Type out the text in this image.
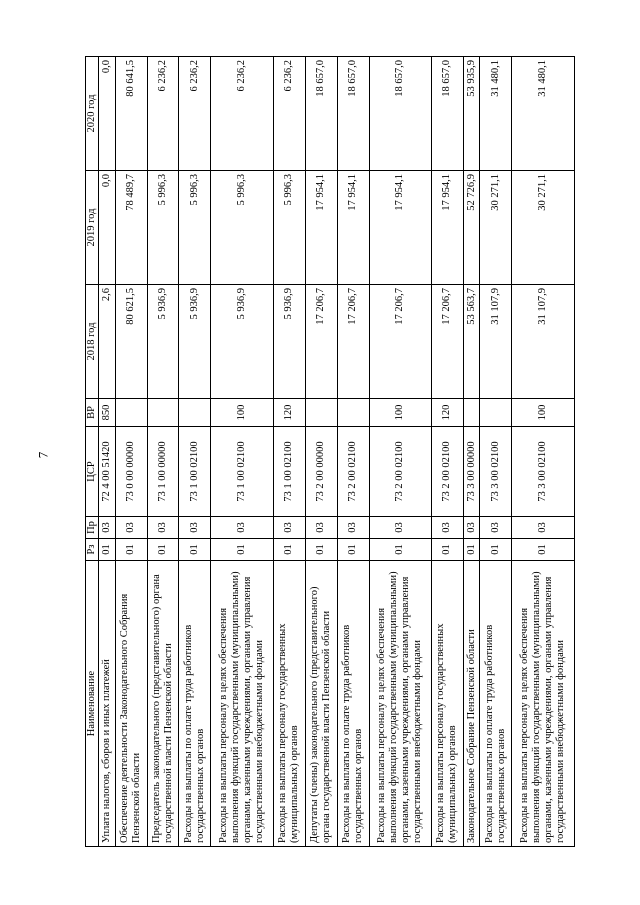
7
Наименование	Рз	Пр	ЦСР	ВР	2018 год	2019 год	2020 год
Уплата налогов, сборов и иных платежей	01	03	72 4 00 51420	850	2,6	0,0	0,0
Обеспечение деятельности Законодательного Собрания Пензенской области	01	03	73 0 00 00000		80 621,5	78 489,7	80 641,5
Председатель законодательного (представительного) органа государственной власти Пензенской области	01	03	73 1 00 00000		5 936,9	5 996,3	6 236,2
Расходы на выплаты по оплате труда работников государственных органов	01	03	73 1 00 02100		5 936,9	5 996,3	6 236,2
Расходы на выплаты персоналу в целях обеспечения выполнения функций государственными (муниципальными) органами, казенными учреждениями, органами управления государственными внебюджетными фондами	01	03	73 1 00 02100	100	5 936,9	5 996,3	6 236,2
Расходы на выплаты персоналу государственных (муниципальных) органов	01	03	73 1 00 02100	120	5 936,9	5 996,3	6 236,2
Депутаты (члены) законодательного (представительного) органа государственной власти Пензенской области	01	03	73 2 00 00000		17 206,7	17 954,1	18 657,0
Расходы на выплаты по оплате труда работников государственных органов	01	03	73 2 00 02100		17 206,7	17 954,1	18 657,0
Расходы на выплаты персоналу в целях обеспечения выполнения функций государственными (муниципальными) органами, казенными учреждениями, органами управления государственными внебюджетными фондами	01	03	73 2 00 02100	100	17 206,7	17 954,1	18 657,0
Расходы на выплаты персоналу государственных (муниципальных) органов	01	03	73 2 00 02100	120	17 206,7	17 954,1	18 657,0
Законодательное Собрание Пензенской области	01	03	73 3 00 00000		53 563,7	52 726,9	53 935,9
Расходы на выплаты по оплате труда работников государственных органов	01	03	73 3 00 02100		31 107,9	30 271,1	31 480,1
Расходы на выплаты персоналу в целях обеспечения выполнения функций государственными (муниципальными) органами, казенными учреждениями, органами управления государственными внебюджетными фондами	01	03	73 3 00 02100	100	31 107,9	30 271,1	31 480,1
